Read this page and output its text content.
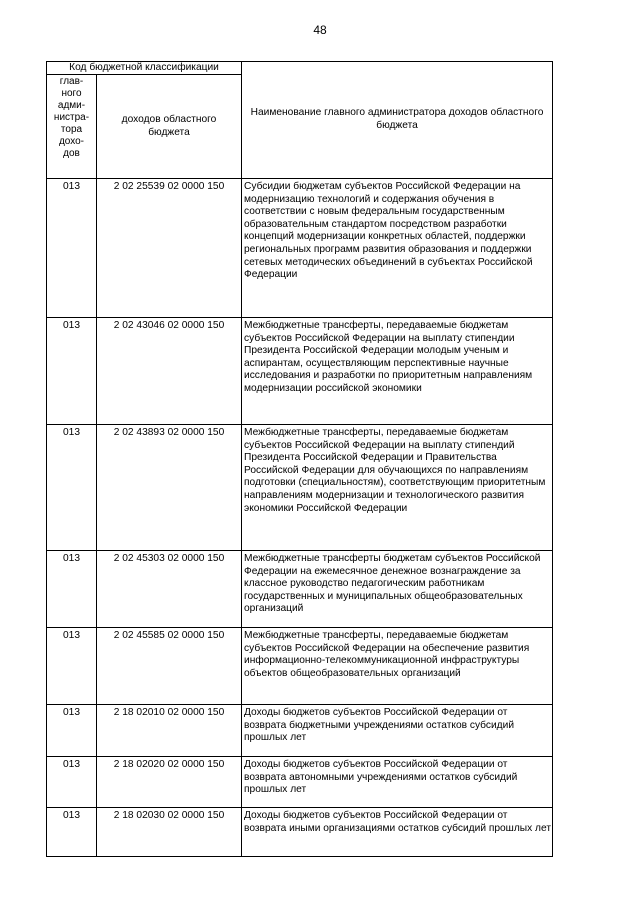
48
Код бюджетной классификации		Наименование главного администратора доходов областного бюджета

глав-ного адми-нистра-тора дохо-дов	доходов областного бюджета	

013	2 02 25539 02 0000 150	Субсидии бюджетам субъектов Российской Федерации на модернизацию технологий и содержания обучения в соответствии с новым федеральным государственным образовательным стандартом посредством разработки концепций модернизации конкретных областей, поддержки региональных программ развития образования и поддержки сетевых методических объединений в субъектах Российской Федерации
013	2 02 43046 02 0000 150	Межбюджетные трансферты, передаваемые бюджетам субъектов Российской Федерации на выплату стипендии Президента Российской Федерации молодым ученым и аспирантам, осуществляющим перспективные научные исследования и разработки по приоритетным направлениям модернизации российской экономики
013	2 02 43893 02 0000 150	Межбюджетные трансферты, передаваемые бюджетам субъектов Российской Федерации на выплату стипендий Президента Российской Федерации и Правительства Российской Федерации для обучающихся по направлениям подготовки (специальностям), соответствующим приоритетным направлениям модернизации и технологического развития экономики Российской Федерации
013	2 02 45303 02 0000 150	Межбюджетные трансферты бюджетам субъектов Российской Федерации на ежемесячное денежное вознаграждение за классное руководство педагогическим работникам государственных и муниципальных общеобразовательных организаций
013	2 02 45585 02 0000 150	Межбюджетные трансферты, передаваемые бюджетам субъектов Российской Федерации на обеспечение развития информационно-телекоммуникационной инфраструктуры объектов общеобразовательных организаций
013	2 18 02010 02 0000 150	Доходы бюджетов субъектов Российской Федерации от возврата бюджетными учреждениями остатков субсидий прошлых лет
013	2 18 02020 02 0000 150	Доходы бюджетов субъектов Российской Федерации от возврата автономными учреждениями остатков субсидий прошлых лет
013	2 18 02030 02 0000 150	Доходы бюджетов субъектов Российской Федерации от возврата иными организациями остатков субсидий прошлых лет
